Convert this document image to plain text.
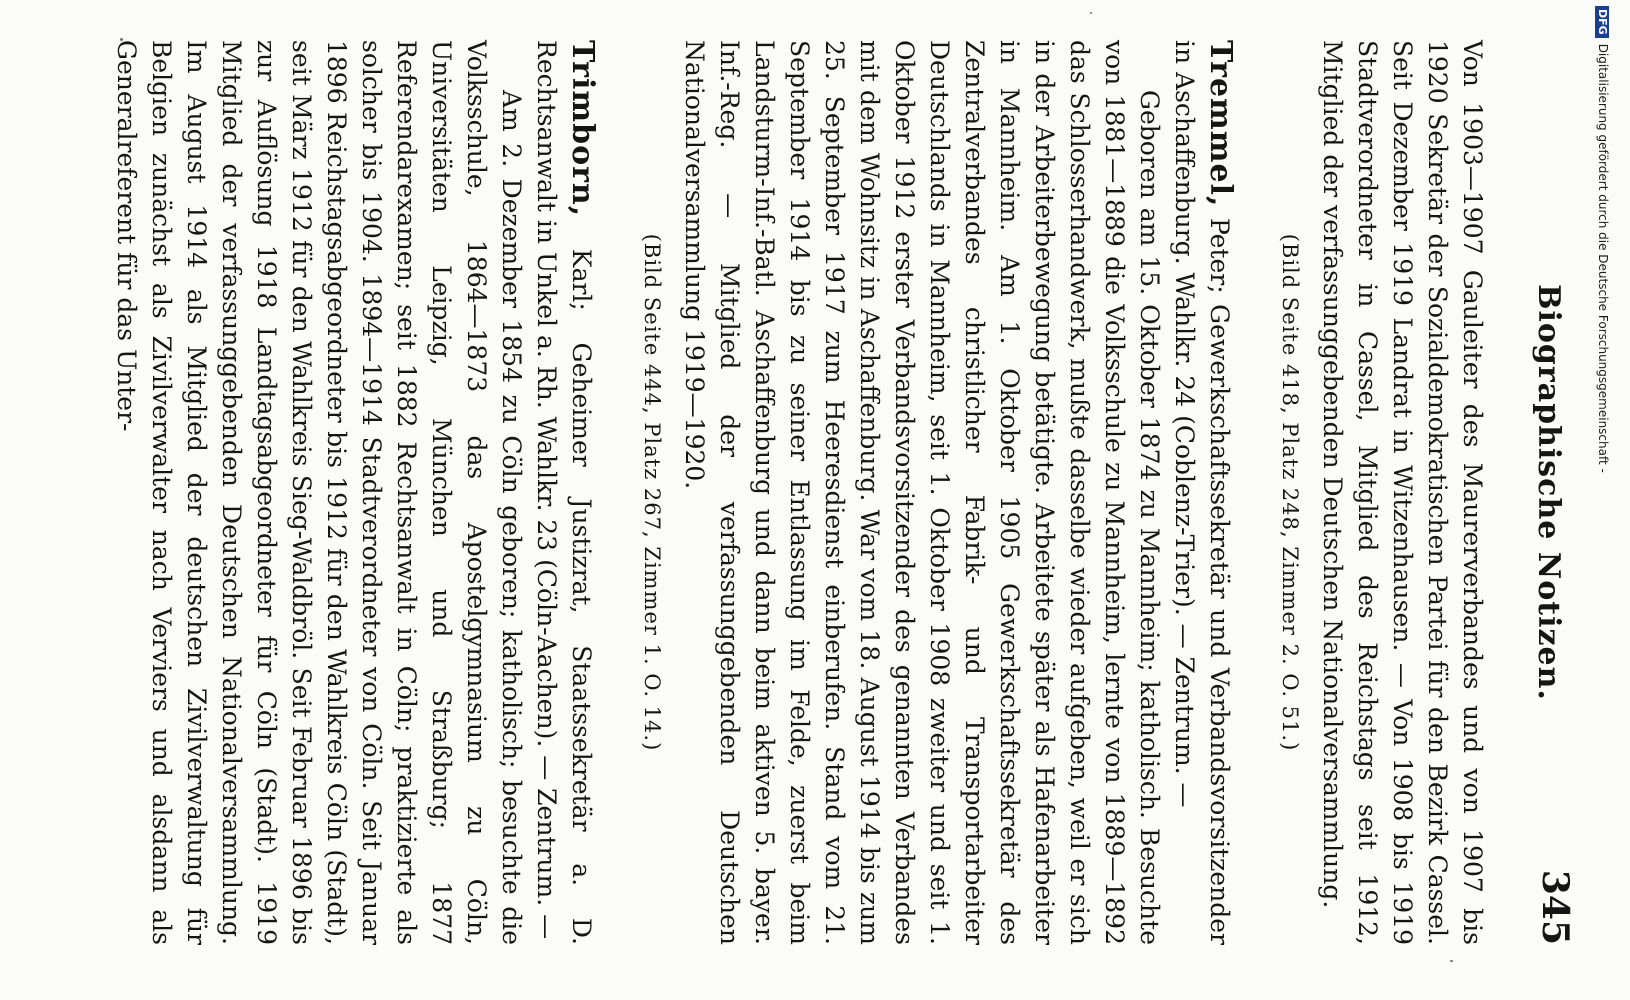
Biographische Notizen.
345

Von 1903—1907 Gauleiter des Maurerverbandes und von 1907 bis 1920 Sekretär der Sozialdemokratischen Partei für den Bezirk Cassel. Seit Dezember 1919 Landrat in Witzenhausen. — Von 1908 bis 1919 Stadtverordneter in Cassel, Mitglied des Reichstags seit 1912, Mitglied der verfassunggebenden Deutschen Nationalversammlung.

(Bild Seite 418, Platz 248, Zimmer 2. O. 51.)

Tremmel, Peter; Gewerkschaftssekretär und Verbandsvorsitzender in Aschaffenburg. Wahlkr. 24 (Coblenz-Trier). — Zentrum. —

Geboren am 15. Oktober 1874 zu Mannheim; katholisch. Besuchte von 1881—1889 die Volksschule zu Mannheim, lernte von 1889—1892 das Schlosserhandwerk, mußte dasselbe wieder aufgeben, weil er sich in der Arbeiterbewegung betätigte. Arbeitete später als Hafenarbeiter in Mannheim. Am 1. Oktober 1905 Gewerkschaftssekretär des Zentralverbandes christlicher Fabrik- und Transportarbeiter Deutschlands in Mannheim, seit 1. Oktober 1908 zweiter und seit 1. Oktober 1912 erster Verbandsvorsitzender des genannten Verbandes mit dem Wohnsitz in Aschaffenburg. War vom 18. August 1914 bis zum 25. September 1917 zum Heeresdienst einberufen. Stand vom 21. September 1914 bis zu seiner Entlassung im Felde, zuerst beim Landsturm-Inf.-Batl. Aschaffenburg und dann beim aktiven 5. bayer. Inf.-Reg. — Mitglied der verfassunggebenden Deutschen Nationalversammlung 1919—1920.

(Bild Seite 444, Platz 267, Zimmer 1. O. 14.)

Trimborn, Karl; Geheimer Justizrat, Staatssekretär a. D. Rechtsanwalt in Unkel a. Rh. Wahlkr. 23 (Cöln-Aachen). — Zentrum. —

Am 2. Dezember 1854 zu Cöln geboren; katholisch; besuchte die Volksschule, 1864—1873 das Apostelgymnasium zu Cöln, Universitäten Leipzig, München und Straßburg; 1877 Referendarexamen; seit 1882 Rechtsanwalt in Cöln; praktizierte als solcher bis 1904. 1894—1914 Stadtverordneter von Cöln. Seit Januar 1896 Reichstagsabgeordneter bis 1912 für den Wahlkreis Cöln (Stadt), seit März 1912 für den Wahlkreis Sieg-Waldbröl. Seit Februar 1896 bis zur Auflösung 1918 Landtagsabgeordneter für Cöln (Stadt). 1919 Mitglied der verfassunggebenden Deutschen Nationalversammlung. Im August 1914 als Mitglied der deutschen Zivilverwaltung für Belgien zunächst als Zivilverwalter nach Verviers und alsdann als Generalreferent für das Unter-

DFGDigitalisierung gefördert durch die Deutsche Forschungsgemeinschaft -
